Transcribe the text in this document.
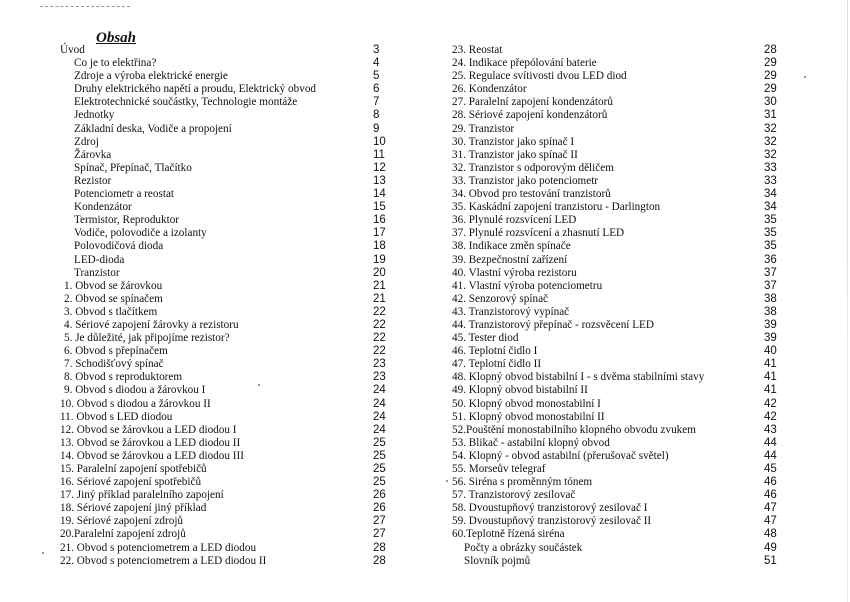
Obsah
Úvod	3
Co je to elektřina?	4
Zdroje a výroba elektrické energie	5
Druhy elektrického napětí a proudu, Elektrický obvod	6
Elektrotechnické součástky, Technologie montáže	7
Jednotky	8
Základní deska, Vodiče a propojení	9
Zdroj	10
Žárovka	11
Spínač, Přepínač, Tlačítko	12
Rezistor	13
Potenciometr a reostat	14
Kondenzátor	15
Termistor, Reproduktor	16
Vodiče, polovodiče a izolanty	17
Polovodičová dioda	18
LED-dioda	19
Tranzistor	20
1. Obvod se žárovkou	21
2. Obvod se spínačem	21
3. Obvod s tlačítkem	22
4. Sériové zapojení žárovky a rezistoru	22
5. Je důležité, jak připojíme rezistor?	22
6. Obvod s přepínačem	22
7. Schodišťový spínač	23
8. Obvod s reproduktorem	23
9. Obvod s diodou a žárovkou I	24
10. Obvod s diodou a žárovkou II	24
11. Obvod s LED diodou	24
12. Obvod se žárovkou a LED diodou I	24
13. Obvod se žárovkou a LED diodou II	25
14. Obvod se žárovkou a LED diodou III	25
15. Paralelní zapojení spotřebičů	25
16. Sériové zapojení spotřebičů	25
17. Jiný příklad paralelního zapojení	26
18. Sériové zapojení jiný příklad	26
19. Sériové zapojení zdrojů	27
20.Paralelní zapojení zdrojů	27
21. Obvod s potenciometrem a LED diodou	28
22. Obvod s potenciometrem a LED diodou II	28
23. Reostat	28
24. Indikace přepólování baterie	29
25. Regulace svítivosti dvou LED diod	29
26. Kondenzátor	29
27. Paralelní zapojení kondenzátorů	30
28. Sériové zapojení kondenzátorů	31
29. Tranzistor	32
30. Tranzistor jako spínač I	32
31. Tranzistor jako spínač II	32
32. Tranzistor s odporovým děličem	33
33. Tranzistor jako potenciometr	33
34. Obvod pro testování tranzistorů	34
35. Kaskádní zapojení tranzistoru - Darlington	34
36. Plynulé rozsvícení LED	35
37. Plynulé rozsvícení a zhasnutí LED	35
38. Indikace změn spínače	35
39. Bezpečnostní zařízení	36
40. Vlastní výroba rezistoru	37
41. Vlastní výroba potenciometru	37
42. Senzorový spínač	38
43. Tranzistorový vypínač	38
44. Tranzistorový přepínač - rozsvěcení LED	39
45. Tester diod	39
46. Teplotní čidlo I	40
47. Teplotní čidlo II	41
48. Klopný obvod bistabilní I - s dvěma stabilními stavy	41
49. Klopný obvod bistabilní II	41
50. Klopný obvod monostabilní I	42
51. Klopný obvod monostabilní II	42
52.Pouštění monostabilního klopného obvodu zvukem	43
53. Blikač - astabilní klopný obvod	44
54. Klopný - obvod astabilní (přerušovač světel)	44
55. Morseův telegraf	45
56. Siréna s proměnným tónem	46
57. Tranzistorový zesilovač	46
58. Dvoustupňový tranzistorový zesilovač I	47
59. Dvoustupňový tranzistorový zesilovač II	47
60.Teplotně řízená siréna	48
Počty a obrázky součástek	49
Slovník pojmů	51
